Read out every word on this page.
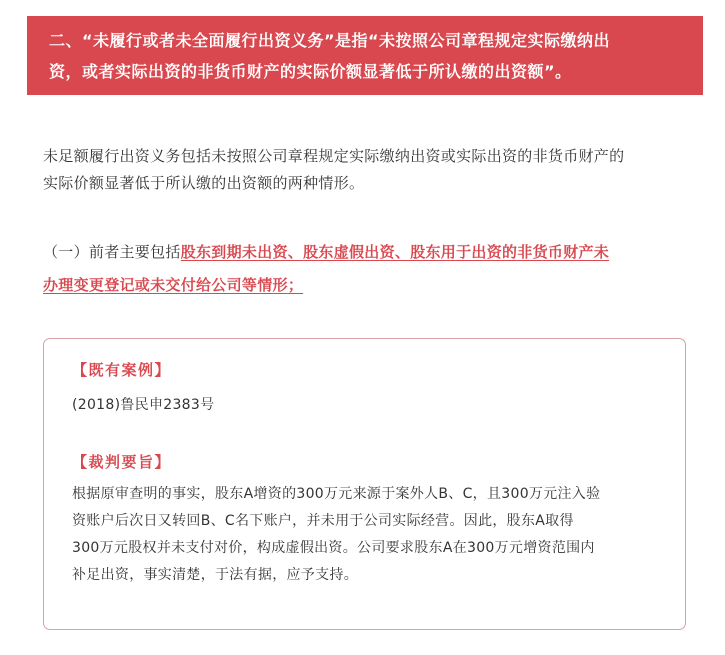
二、“未履行或者未全面履行出资义务”是指“未按照公司章程规定实际缴纳出
资，或者实际出资的非货币财产的实际价额显著低于所认缴的出资额”。
未足额履行出资义务包括未按照公司章程规定实际缴纳出资或实际出资的非货币财产的
实际价额显著低于所认缴的出资额的两种情形。
（一）前者主要包括股东到期未出资、股东虚假出资、股东用于出资的非货币财产未
办理变更登记或未交付给公司等情形；
【既有案例】
(2018)鲁民申2383号
【裁判要旨】
根据原审查明的事实，股东A增资的300万元来源于案外人B、C，且300万元注入验
资账户后次日又转回B、C名下账户，并未用于公司实际经营。因此，股东A取得
300万元股权并未支付对价，构成虚假出资。公司要求股东A在300万元增资范围内
补足出资，事实清楚，于法有据，应予支持。
